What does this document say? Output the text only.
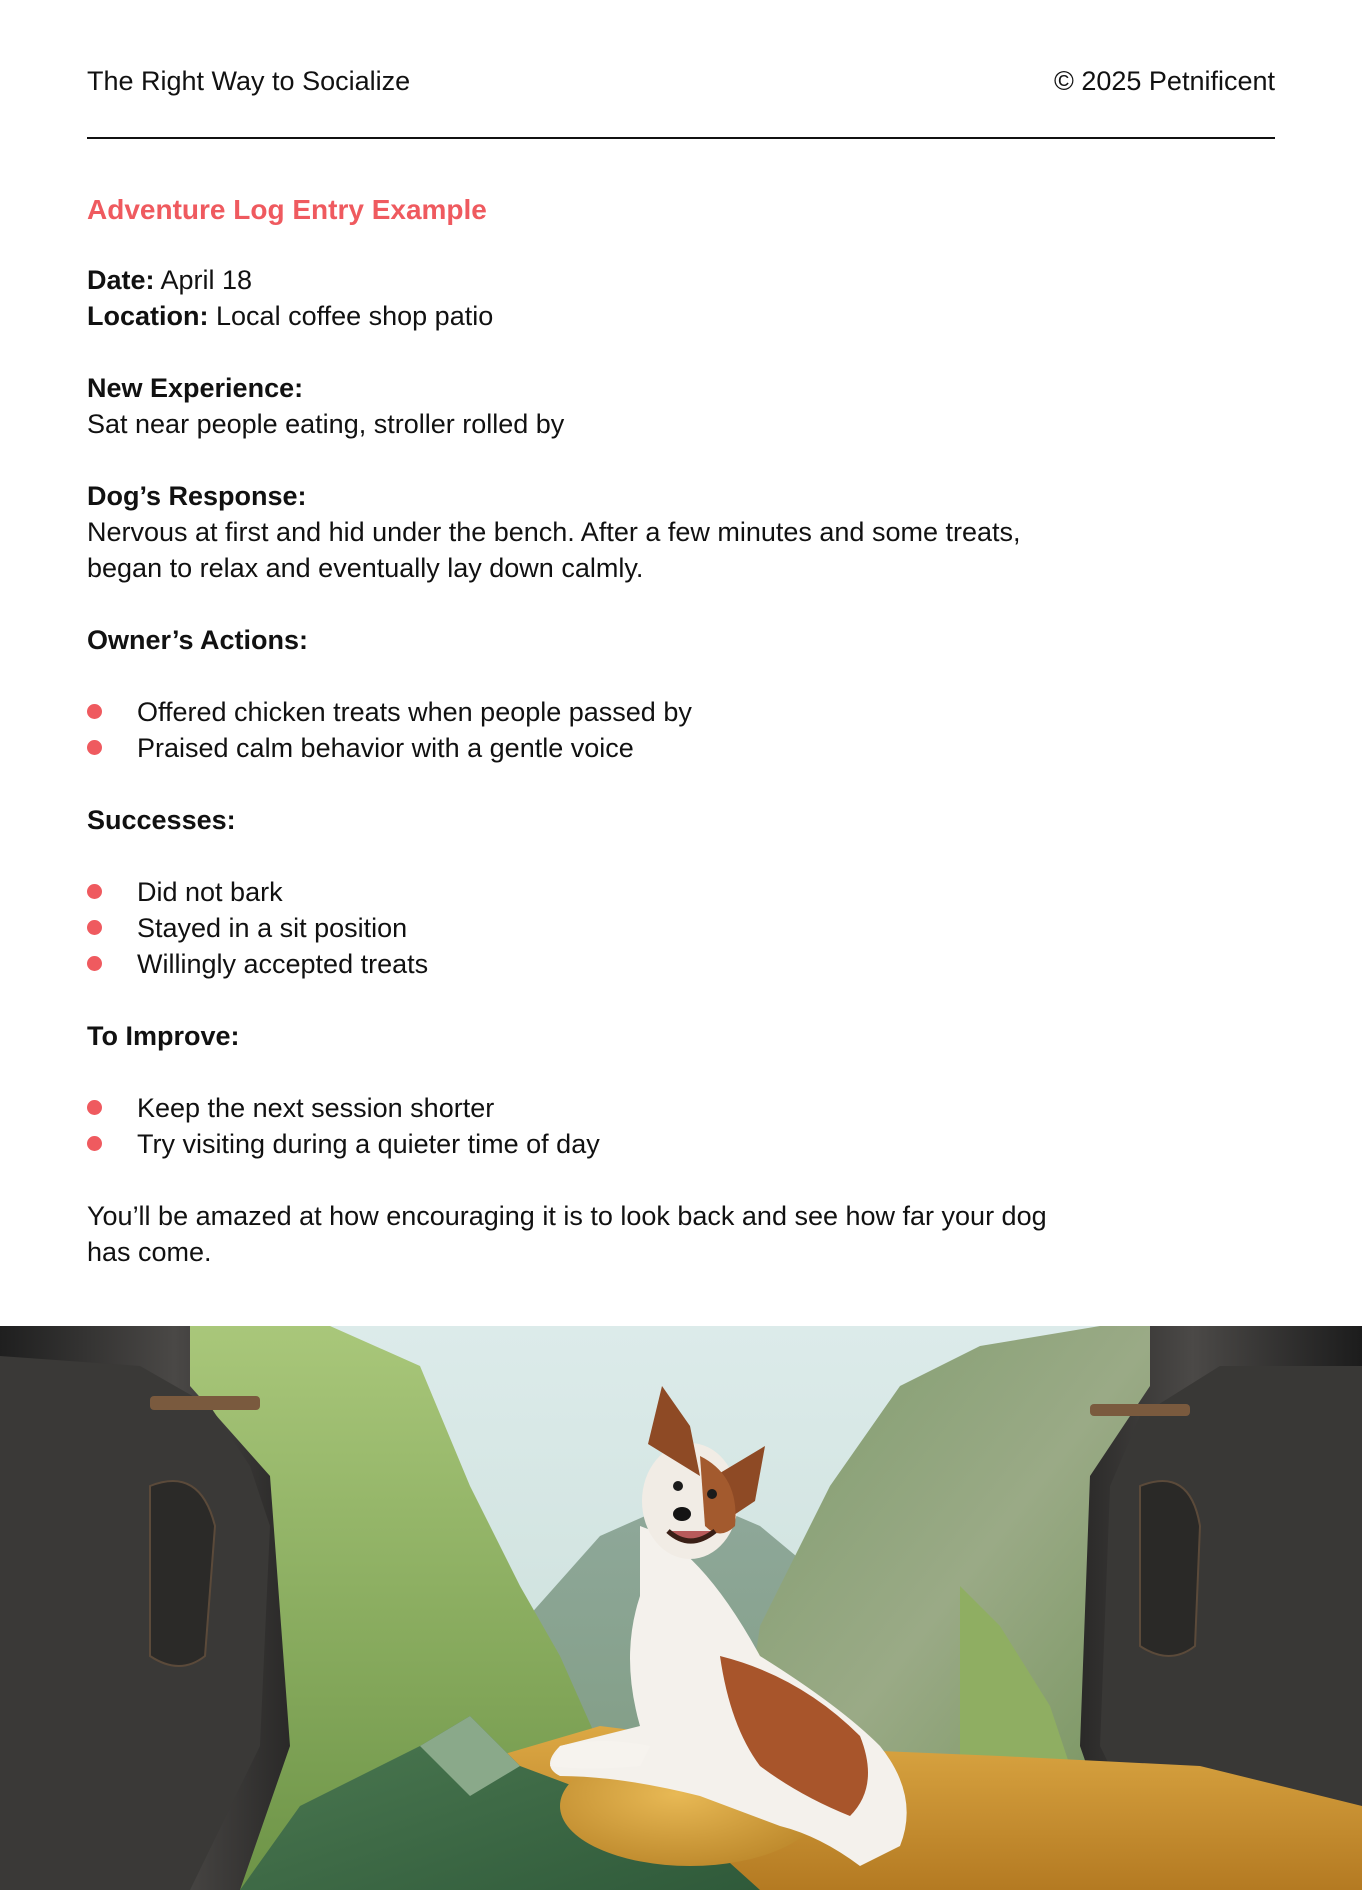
The Right Way to Socialize	© 2025 Petnificent
Adventure Log Entry Example
Date: April 18
Location: Local coffee shop patio
New Experience:
Sat near people eating, stroller rolled by
Dog’s Response:
Nervous at first and hid under the bench. After a few minutes and some treats,
began to relax and eventually lay down calmly.
Owner’s Actions:
Offered chicken treats when people passed by
Praised calm behavior with a gentle voice
Successes:
Did not bark
Stayed in a sit position
Willingly accepted treats
To Improve:
Keep the next session shorter
Try visiting during a quieter time of day
You’ll be amazed at how encouraging it is to look back and see how far your dog
has come.
